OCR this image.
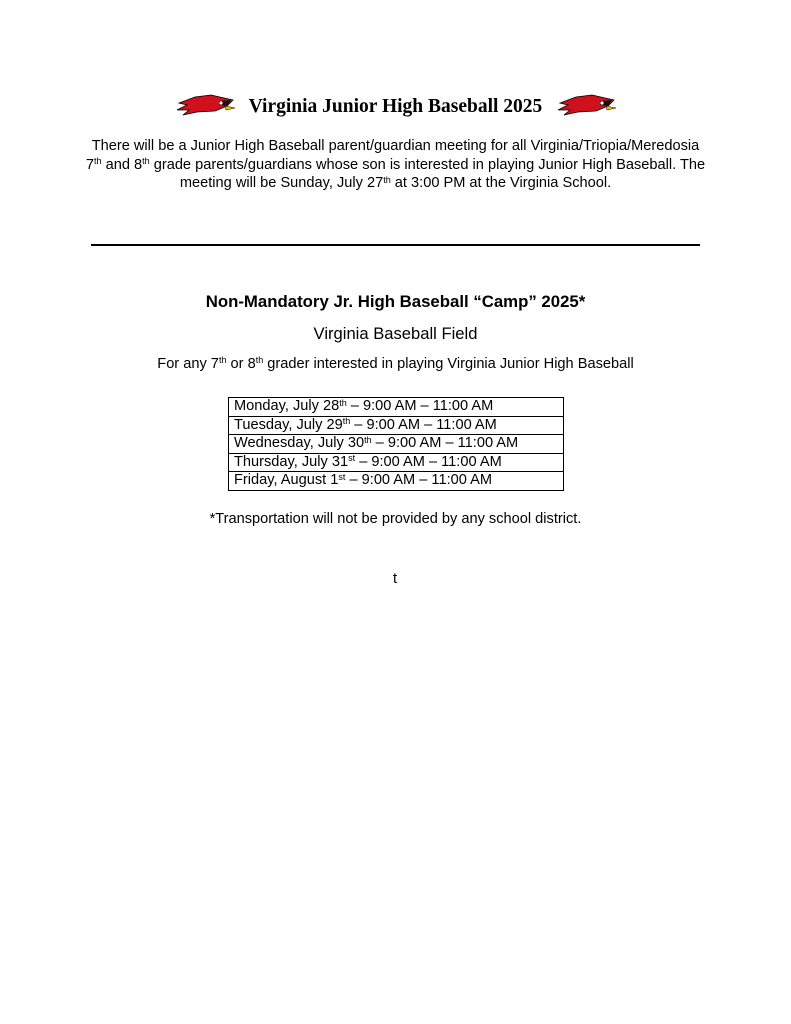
Virginia Junior High Baseball 2025
There will be a Junior High Baseball parent/guardian meeting for all Virginia/Triopia/Meredosia 7th and 8th grade parents/guardians whose son is interested in playing Junior High Baseball. The meeting will be Sunday, July 27th at 3:00 PM at the Virginia School.
Non-Mandatory Jr. High Baseball “Camp” 2025*
Virginia Baseball Field
For any 7th or 8th grader interested in playing Virginia Junior High Baseball
Monday, July 28th – 9:00 AM – 11:00 AM
Tuesday, July 29th – 9:00 AM – 11:00 AM
Wednesday, July 30th – 9:00 AM – 11:00 AM
Thursday, July 31st – 9:00 AM – 11:00 AM
Friday, August 1st – 9:00 AM – 11:00 AM
*Transportation will not be provided by any school district.
t
